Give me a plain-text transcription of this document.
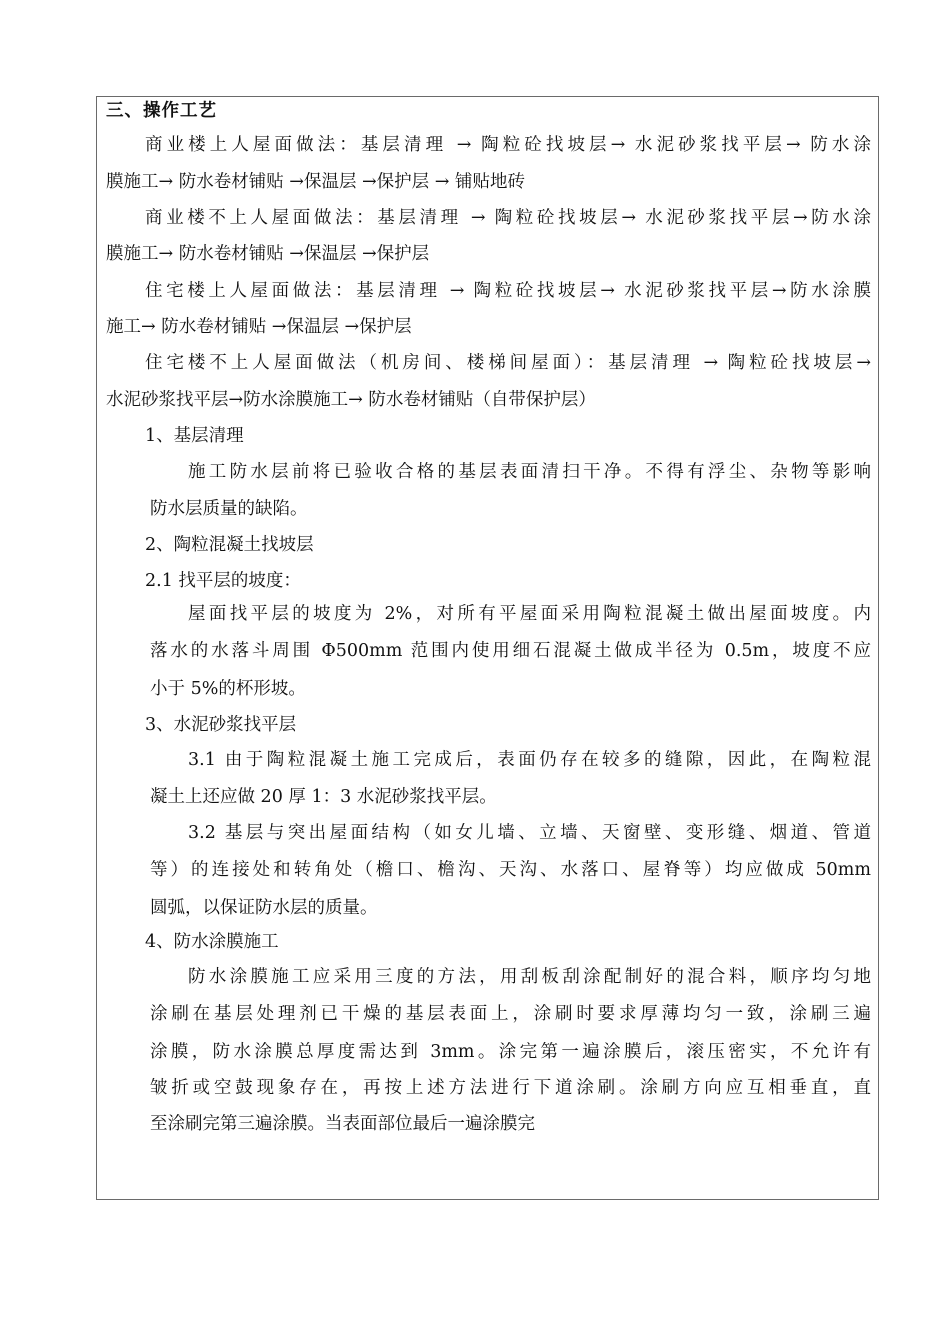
三、操作工艺
商业楼上人屋面做法：基层清理 → 陶粒砼找坡层→ 水泥砂浆找平层→ 防水涂
膜施工→ 防水卷材铺贴 →保温层 →保护层 → 铺贴地砖
商业楼不上人屋面做法：基层清理 → 陶粒砼找坡层→ 水泥砂浆找平层→防水涂
膜施工→ 防水卷材铺贴 →保温层 →保护层
住宅楼上人屋面做法：基层清理 → 陶粒砼找坡层→ 水泥砂浆找平层→防水涂膜
施工→ 防水卷材铺贴 →保温层 →保护层
住宅楼不上人屋面做法（机房间、楼梯间屋面）：基层清理 → 陶粒砼找坡层→
水泥砂浆找平层→防水涂膜施工→ 防水卷材铺贴（自带保护层）
1、基层清理
施工防水层前将已验收合格的基层表面清扫干净。不得有浮尘、杂物等影响
防水层质量的缺陷。
2、陶粒混凝土找坡层
2.1 找平层的坡度：
屋面找平层的坡度为 2%，对所有平屋面采用陶粒混凝土做出屋面坡度。内
落水的水落斗周围 Φ500mm 范围内使用细石混凝土做成半径为 0.5m，坡度不应
小于 5%的杯形坡。
3、水泥砂浆找平层
3.1 由于陶粒混凝土施工完成后，表面仍存在较多的缝隙，因此，在陶粒混
凝土上还应做 20 厚 1：3 水泥砂浆找平层。
3.2 基层与突出屋面结构（如女儿墙、立墙、天窗壁、变形缝、烟道、管道
等）的连接处和转角处（檐口、檐沟、天沟、水落口、屋脊等）均应做成 50mm
圆弧，以保证防水层的质量。
4、防水涂膜施工
防水涂膜施工应采用三度的方法，用刮板刮涂配制好的混合料，顺序均匀地
涂刷在基层处理剂已干燥的基层表面上，涂刷时要求厚薄均匀一致，涂刷三遍
涂膜，防水涂膜总厚度需达到 3mm。涂完第一遍涂膜后，滚压密实，不允许有
皱折或空鼓现象存在，再按上述方法进行下道涂刷。涂刷方向应互相垂直，直
至涂刷完第三遍涂膜。当表面部位最后一遍涂膜完
